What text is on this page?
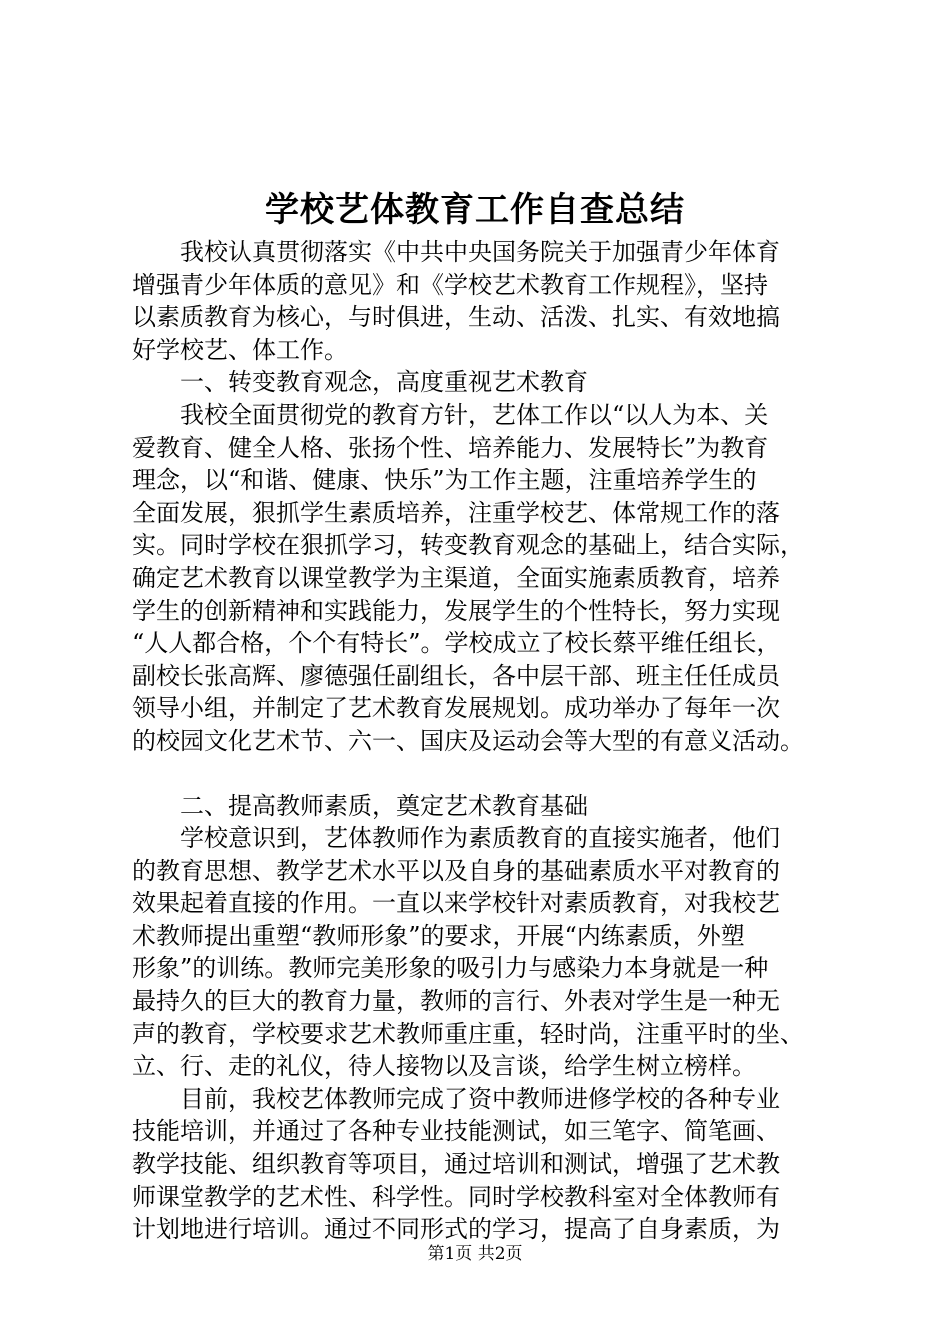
学校艺体教育工作自查总结
我校认真贯彻落实《中共中央国务院关于加强青少年体育
增强青少年体质的意见》和《学校艺术教育工作规程》，坚持
以素质教育为核心，与时俱进，生动、活泼、扎实、有效地搞
好学校艺、体工作。
一、转变教育观念，高度重视艺术教育
我校全面贯彻党的教育方针，艺体工作以“以人为本、关
爱教育、健全人格、张扬个性、培养能力、发展特长”为教育
理念，以“和谐、健康、快乐”为工作主题，注重培养学生的
全面发展，狠抓学生素质培养，注重学校艺、体常规工作的落
实。同时学校在狠抓学习，转变教育观念的基础上，结合实际，
确定艺术教育以课堂教学为主渠道，全面实施素质教育，培养
学生的创新精神和实践能力，发展学生的个性特长，努力实现
“人人都合格，个个有特长”。学校成立了校长蔡平维任组长，
副校长张高辉、廖德强任副组长，各中层干部、班主任任成员
领导小组，并制定了艺术教育发展规划。成功举办了每年一次
的校园文化艺术节、六一、国庆及运动会等大型的有意义活动。
二、提高教师素质，奠定艺术教育基础
学校意识到，艺体教师作为素质教育的直接实施者，他们
的教育思想、教学艺术水平以及自身的基础素质水平对教育的
效果起着直接的作用。一直以来学校针对素质教育，对我校艺
术教师提出重塑“教师形象”的要求，开展“内练素质，外塑
形象”的训练。教师完美形象的吸引力与感染力本身就是一种
最持久的巨大的教育力量，教师的言行、外表对学生是一种无
声的教育，学校要求艺术教师重庄重，轻时尚，注重平时的坐、
立、行、走的礼仪，待人接物以及言谈，给学生树立榜样。
目前，我校艺体教师完成了资中教师进修学校的各种专业
技能培训，并通过了各种专业技能测试，如三笔字、简笔画、
教学技能、组织教育等项目，通过培训和测试，增强了艺术教
师课堂教学的艺术性、科学性。同时学校教科室对全体教师有
计划地进行培训。通过不同形式的学习，提高了自身素质，为
第1页 共2页
